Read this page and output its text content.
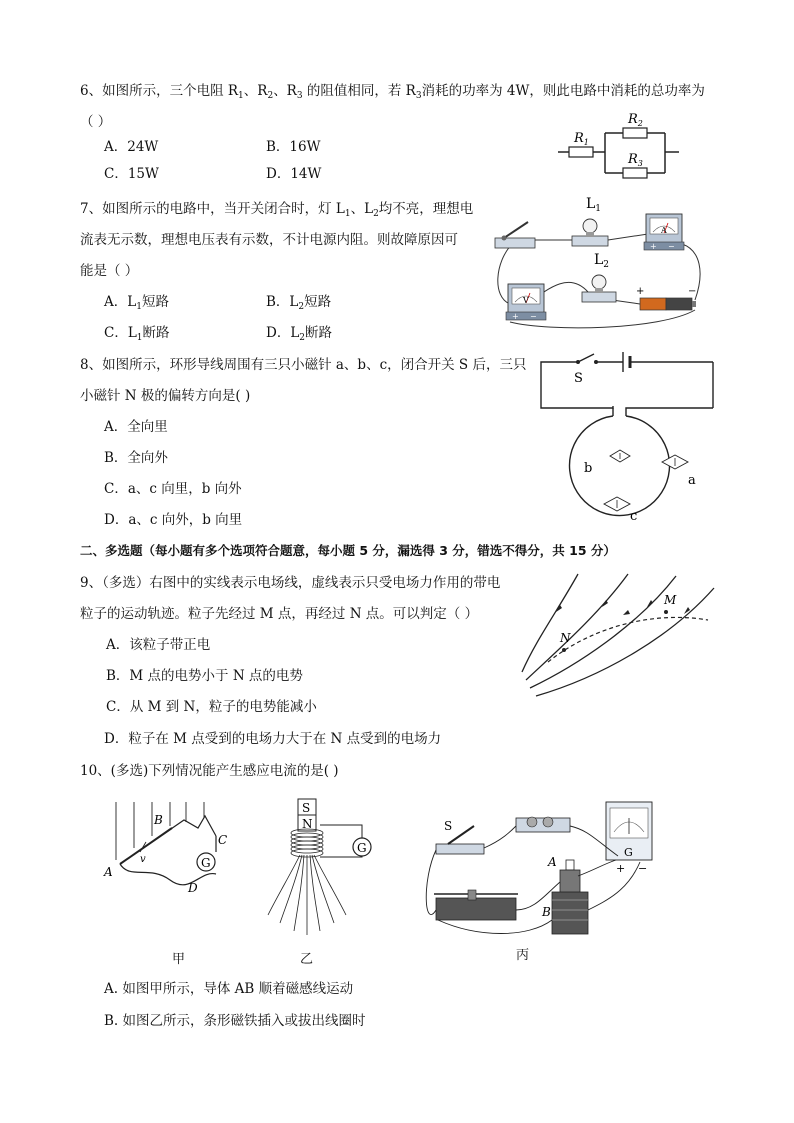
6、如图所示，三个电阻 $R_1$、$R_2$、$R_3$ 的阻值相同，若 $R_3$消耗的功率为 4W，则此电路中消耗的总功率为
（ ）
A．24W	B．16W
C．15W	D．14W
$R_1$
$R_2$
$R_3$
7、如图所示的电路中，当开关闭合时，灯 $L_1$、$L_2$均不亮，理想电
流表无示数，理想电压表有示数，不计电源内阻。则故障原因可
能是（ ）
A．$L_1$短路	B．$L_2$短路
C．$L_1$断路	D．$L_2$断路
$L_1$
A
+ −
$L_2$
V
+ −
+	−
8、如图所示，环形导线周围有三只小磁针 a、b、c，闭合开关 S 后，三只
小磁针 N 极的偏转方向是( )
A．全向里
B．全向外
C．a、c 向里，b 向外
D．a、c 向外，b 向里
S
b
a
c
二、多选题（每小题有多个选项符合题意，每小题 5 分，漏选得 3 分，错选不得分，共 15 分）
9、（多选）右图中的实线表示电场线，虚线表示只受电场力作用的带电
粒子的运动轨迹。粒子先经过 M 点，再经过 N 点。可以判定（ ）
A．该粒子带正电
B．M 点的电势小于 N 点的电势
C．从 M 到 N，粒子的电势能减小
D．粒子在 M 点受到的电场力大于在 N 点受到的电场力
M
N
10、(多选)下列情况能产生感应电流的是( )
G
A
B
C
D
v
甲
S
N
G
乙
S
A
B
G
+ −
丙
A. 如图甲所示，导体 AB 顺着磁感线运动
B. 如图乙所示，条形磁铁插入或拔出线圈时
